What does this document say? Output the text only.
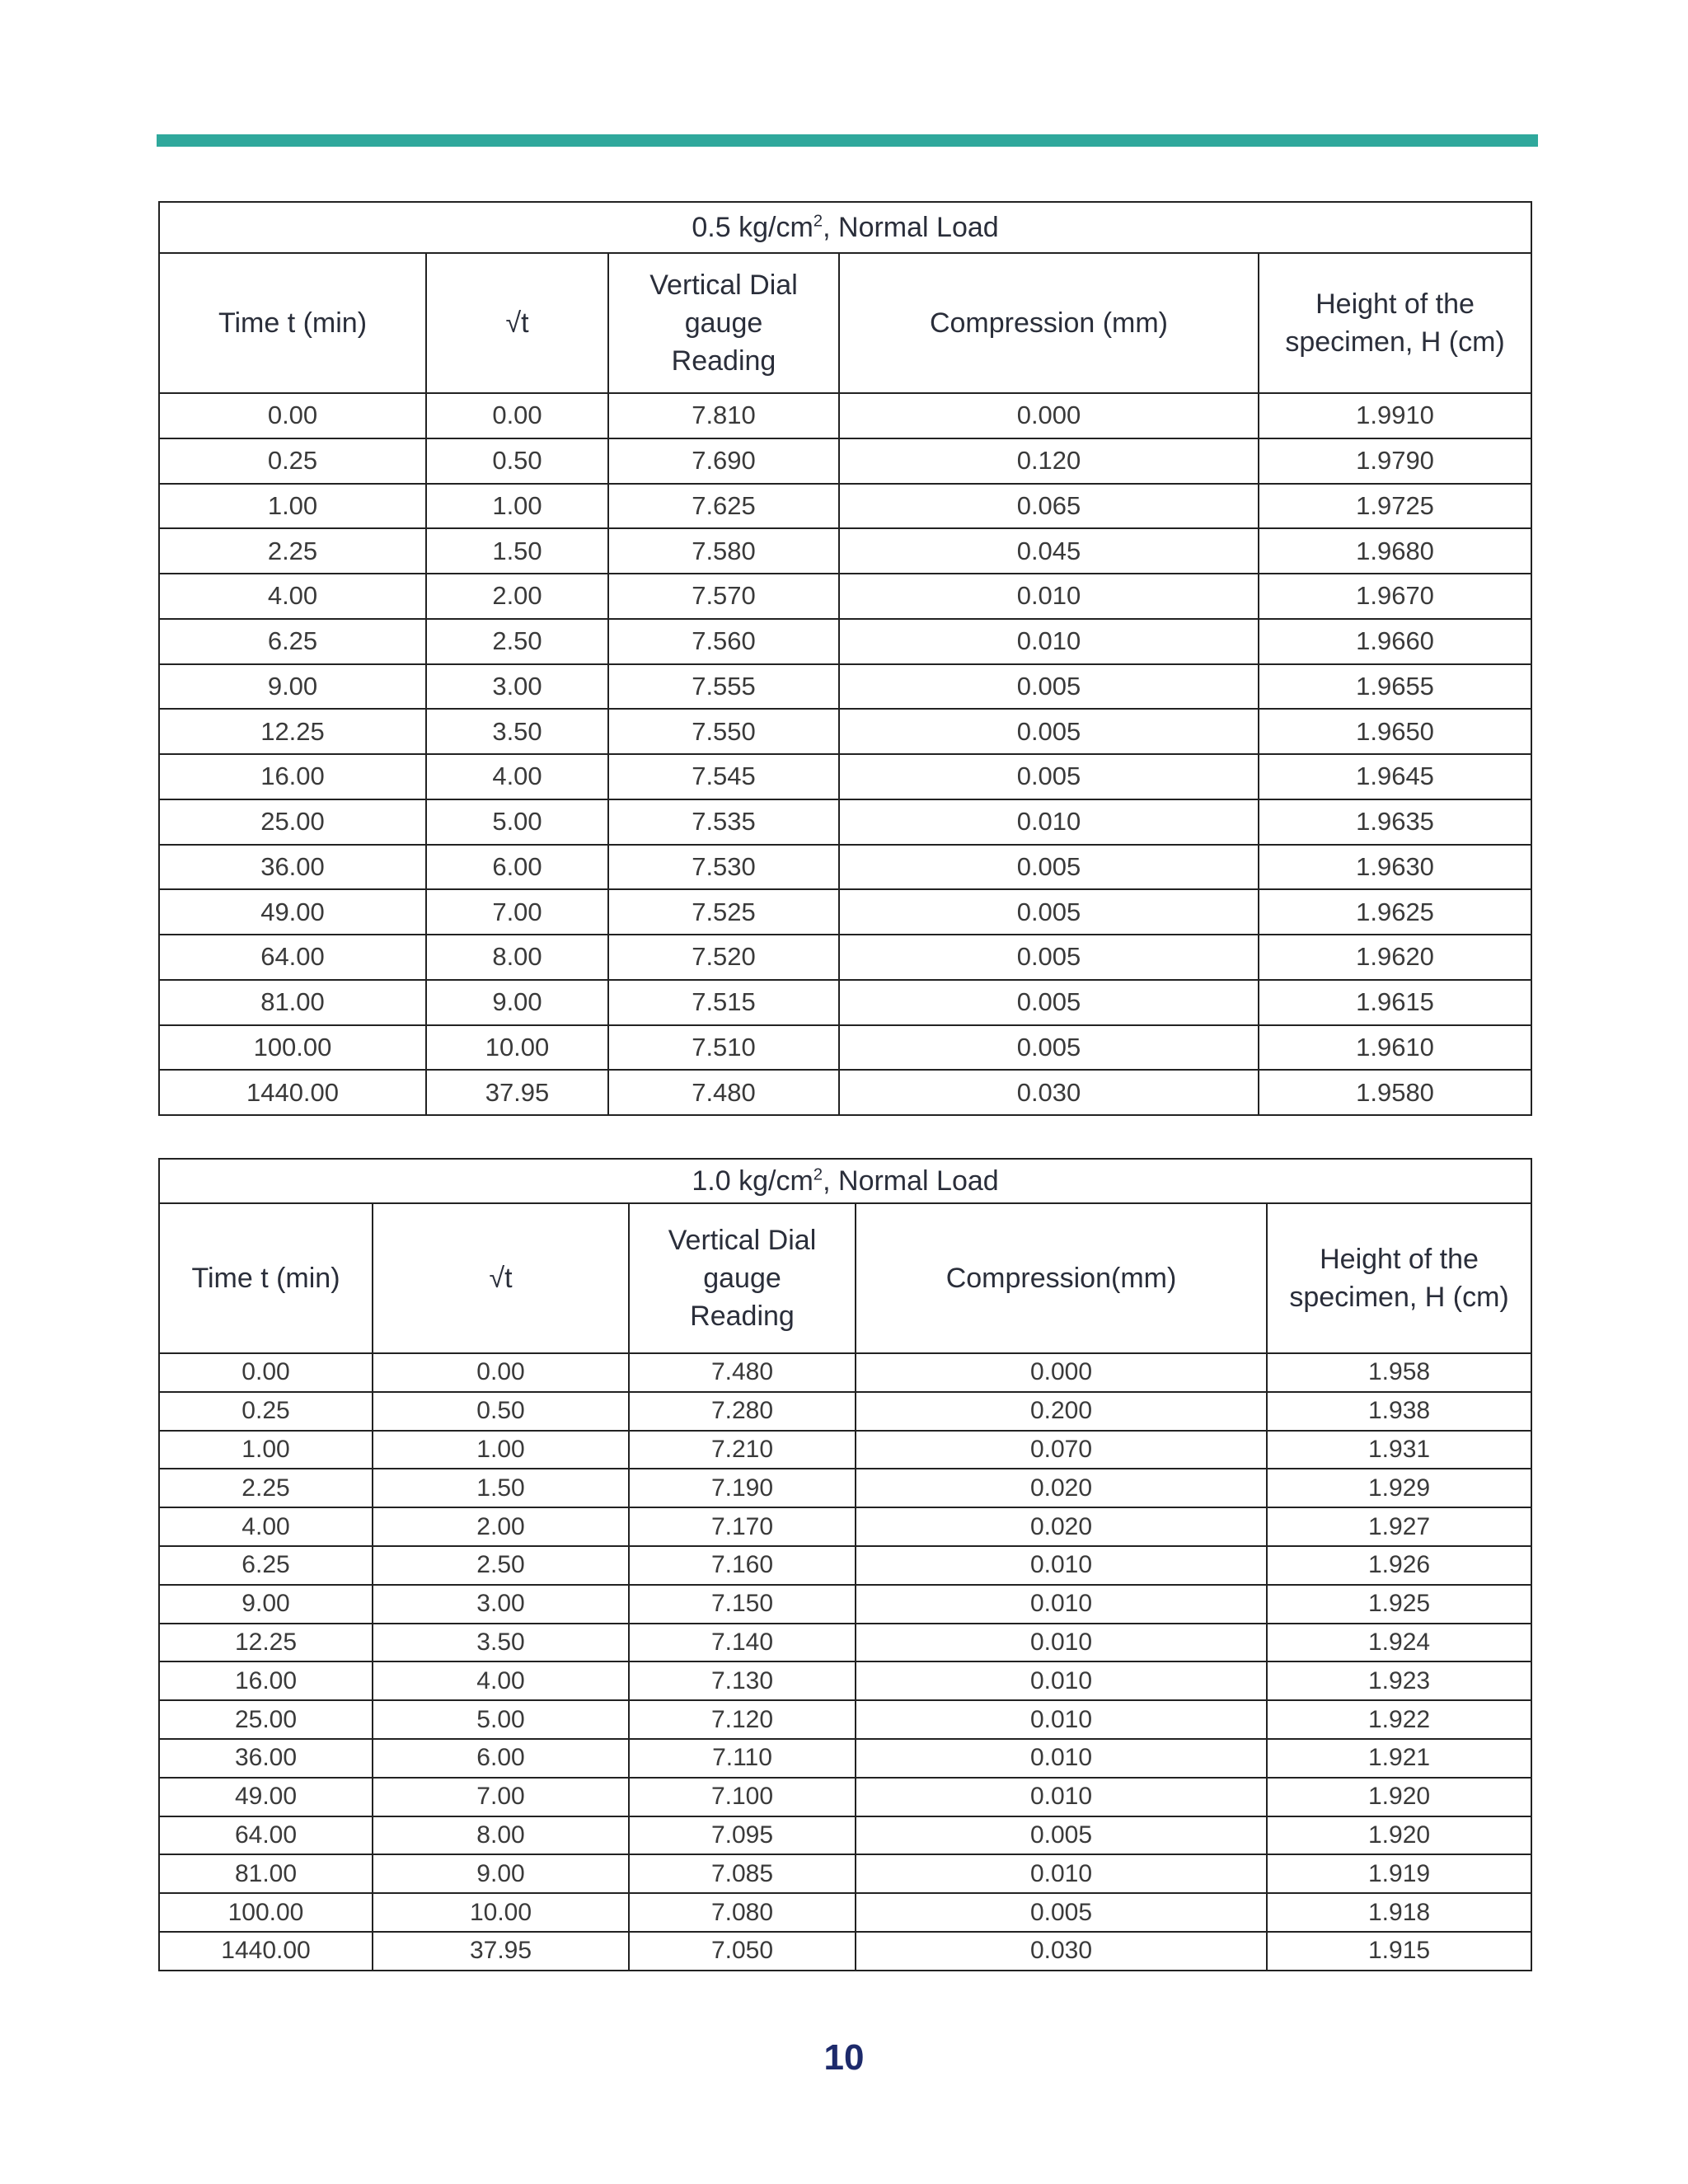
0.5 $kg/cm^2$, Normal Load				
Time t (min)	√t	Vertical Dial gauge Reading	Compression (mm)	Height of the specimen, H (cm)
0.00	0.00	7.810	0.000	1.9910
0.25	0.50	7.690	0.120	1.9790
1.00	1.00	7.625	0.065	1.9725
2.25	1.50	7.580	0.045	1.9680
4.00	2.00	7.570	0.010	1.9670
6.25	2.50	7.560	0.010	1.9660
9.00	3.00	7.555	0.005	1.9655
12.25	3.50	7.550	0.005	1.9650
16.00	4.00	7.545	0.005	1.9645
25.00	5.00	7.535	0.010	1.9635
36.00	6.00	7.530	0.005	1.9630
49.00	7.00	7.525	0.005	1.9625
64.00	8.00	7.520	0.005	1.9620
81.00	9.00	7.515	0.005	1.9615
100.00	10.00	7.510	0.005	1.9610
1440.00	37.95	7.480	0.030	1.9580
1.0 $kg/cm^2$, Normal Load				
Time t (min)	√t	Vertical Dial gauge Reading	Compression(mm)	Height of the specimen, H (cm)
0.00	0.00	7.480	0.000	1.958
0.25	0.50	7.280	0.200	1.938
1.00	1.00	7.210	0.070	1.931
2.25	1.50	7.190	0.020	1.929
4.00	2.00	7.170	0.020	1.927
6.25	2.50	7.160	0.010	1.926
9.00	3.00	7.150	0.010	1.925
12.25	3.50	7.140	0.010	1.924
16.00	4.00	7.130	0.010	1.923
25.00	5.00	7.120	0.010	1.922
36.00	6.00	7.110	0.010	1.921
49.00	7.00	7.100	0.010	1.920
64.00	8.00	7.095	0.005	1.920
81.00	9.00	7.085	0.010	1.919
100.00	10.00	7.080	0.005	1.918
1440.00	37.95	7.050	0.030	1.915
10
